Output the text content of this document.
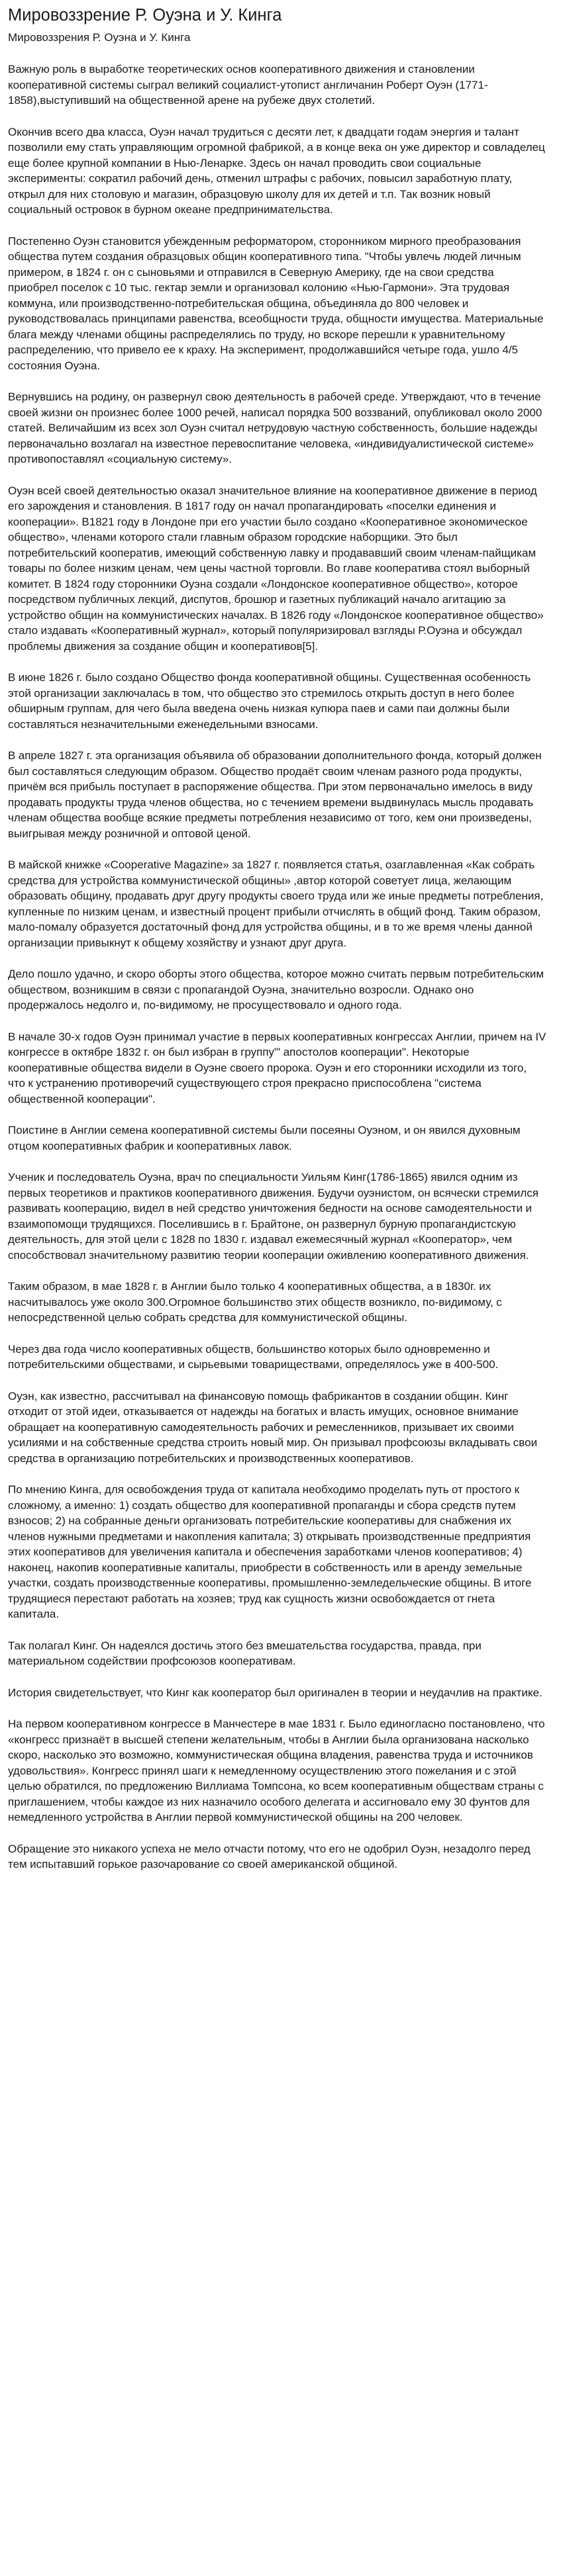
Мировоззрение Р. Оуэна и У. Кинга
Мировоззрения Р. Оуэна и У. Кинга

Важную роль в выработке теоретических основ кооперативного движения и становлении кооперативной системы сыграл великий социалист-утопист англичанин Роберт Оуэн (1771-1858),выступивший на общественной арене на рубеже двух столетий.

Окончив всего два класса, Оуэн начал трудиться с десяти лет, к двадцати годам энергия и талант позволили ему стать управляющим огромной фабрикой, а в конце века он уже директор и совладелец еще более крупной компании в Нью-Ленарке. Здесь он начал проводить свои социальные эксперименты: сократил рабочий день, отменил штрафы с рабочих, повысил заработную плату, открыл для них столовую и магазин, образцовую школу для их детей и т.п. Так возник новый социальный островок в бурном океане предпринимательства.

Постепенно Оуэн становится убежденным реформатором, сторонником мирного преобразования общества путем создания образцовых общин кооперативного типа. "Чтобы увлечь людей личным примером, в 1824 г. он с сыновьями и отправился в Северную Америку, где на свои средства приобрел поселок с 10 тыс. гектар земли и организовал колонию «Нью-Гармони». Эта трудовая коммуна, или производственно-потребительская община, объединяла до 800 человек и руководствовалась принципами равенства, всеобщности труда, общности имущества. Материальные блага между членами общины распределялись по труду, но вскоре перешли к уравнительному распределению, что привело ее к краху. На эксперимент, продолжавшийся четыре года, ушло 4/5 состояния Оуэна.

Вернувшись на родину, он развернул свою деятельность в рабочей среде. Утверждают, что в течение своей жизни он произнес более 1000 речей, написал порядка 500 воззваний, опубликовал около 2000 статей. Величайшим из всех зол Оуэн считал нетрудовую частную собственность, большие надежды первоначально возлагал на известное перевоспитание человека, «индивидуалистической системе» противопоставлял «социальную систему».

Оуэн всей своей деятельностью оказал значительное влияние на кооперативное движение в период его зарождения и становления. В 1817 году он начал пропагандировать «поселки единения и кооперации». В1821 году в Лондоне при его участии было создано «Кооперативное экономическое общество», членами которого стали главным образом городские наборщики. Это был потребительский кооператив, имеющий собственную лавку и продававший своим членам-пайщикам товары по более низким ценам, чем цены частной торговли. Во главе кооператива стоял выборный комитет. В 1824 году сторонники Оуэна создали «Лондонское кооперативное общество», которое посредством публичных лекций, диспутов, брошюр и газетных публикаций начало агитацию за устройство общин на коммунистических началах. В 1826 году «Лондонское кооперативное общество» стало издавать «Кооперативный журнал», который популяризировал взгляды Р.Оуэна и обсуждал проблемы движения за создание общин и кооперативов[5].

В июне 1826 г. было создано Общество фонда кооперативной общины. Существенная особенность этой организации заключалась в том, что общество это стремилось открыть доступ в него более обширным группам, для чего была введена очень низкая купюра паев и сами паи должны были составляться незначительными еженедельными взносами.

В апреле 1827 г. эта организация объявила об образовании дополнительного фонда, который должен был составляться следующим образом. Общество продаёт своим членам разного рода продукты, причём вся прибыль поступает в распоряжение общества. При этом первоначально имелось в виду продавать продукты труда членов общества, но с течением времени выдвинулась мысль продавать членам общества вообще всякие предметы потребления независимо от того, кем они произведены, выигрывая между розничной и оптовой ценой.

В майской книжке «Cooperative Magazine» за 1827 г. появляется статья, озаглавленная «Как собрать средства для устройства коммунистической общины» ,автор которой советует лица, желающим образовать общину, продавать друг другу продукты своего труда или же иные предметы потребления, купленные по низким ценам, и известный процент прибыли отчислять в общий фонд. Таким образом, мало-помалу образуется достаточный фонд для устройства общины, и в то же время члены данной организации привыкнут к общему хозяйству и узнают друг друга.

Дело пошло удачно, и скоро оборты этого общества, которое можно считать первым потребительским обществом, возникшим в связи с пропагандой Оуэна, значительно возросли. Однако оно продержалось недолго и, по-видимому, не просуществовало и одного года.

В начале 30-х годов Оуэн принимал участие в первых кооперативных конгрессах Англии, причем на IV конгрессе в октябре 1832 г. он был избран в группу"' апостолов кооперации". Некоторые кооперативные общества видели в Оуэне своего пророка. Оуэн и его сторонники исходили из того, что к устранению противоречий существующего строя прекрасно приспособлена "система общественной кооперации".

Поистине в Англии семена кооперативной системы были посеяны Оуэном, и он явился духовным отцом кооперативных фабрик и кооперативных лавок.

Ученик и последователь Оуэна, врач по специальности Уильям Кинг(1786-1865) явился одним из первых теоретиков и практиков кооперативного движения. Будучи оуэнистом, он всячески стремился развивать кооперацию, видел в ней средство уничтожения бедности на основе самодеятельности и взаимопомощи трудящихся. Поселившись в г. Брайтоне, он развернул бурную пропагандистскую деятельность, для этой цели с 1828 по 1830 г. издавал ежемесячный журнал «Кооператор», чем способствовал значительному развитию теории кооперации оживлению кооперативного движения.

Таким образом, в мае 1828 г. в Англии было только 4 кооперативных общества, а в 1830г. их насчитывалось уже около 300.Огромное большинство этих обществ возникло, по-видимому, с непосредственной целью собрать средства для коммунистической общины.

Через два года число кооперативных обществ, большинство которых было одновременно и потребительскими обществами, и сырьевыми товариществами, определялось уже в 400-500.

Оуэн, как известно, рассчитывал на финансовую помощь фабрикантов в создании общин. Кинг отходит от этой идеи, отказывается от надежды на богатых и власть имущих, основное внимание обращает на кооперативную самодеятельность рабочих и ремесленников, призывает их своими усилиями и на собственные средства строить новый мир. Он призывал профсоюзы вкладывать свои средства в организацию потребительских и производственных кооперативов.

По мнению Кинга, для освобождения труда от капитала необходимо проделать путь от простого к сложному, а именно: 1) создать общество для кооперативной пропаганды и сбора средств путем взносов; 2) на собранные деньги организовать потребительские кооперативы для снабжения их членов нужными предметами и накопления капитала; 3) открывать производственные предприятия этих кооперативов для увеличения капитала и обеспечения заработками членов кооперативов; 4) наконец, накопив кооперативные капиталы, приобрести в собственность или в аренду земельные участки, создать производственные кооперативы, промышленно-земледельческие общины. В итоге трудящиеся перестают работать на хозяев; труд как сущность жизни освобождается от гнета капитала.

Так полагал Кинг. Он надеялся достичь этого без вмешательства государства, правда, при материальном содействии профсоюзов кооперативам.

История свидетельствует, что Кинг как кооператор был оригинален в теории и неудачлив на практике.

На первом кооперативном конгрессе в Манчестере в мае 1831 г. Было единогласно постановлено, что «конгресс признаёт в высшей степени желательным, чтобы в Англии была организована насколько скоро, насколько это возможно, коммунистическая община владения, равенства труда и источников удовольствия». Конгресс принял шаги к немедленному осуществлению этого пожелания и с этой целью обратился, по предложению Виллиама Томпсона, ко всем кооперативным обществам страны с приглашением, чтобы каждое из них назначило особого делегата и ассигновало ему 30 фунтов для немедленного устройства в Англии первой коммунистической общины на 200 человек.

Обращение это никакого успеха не мело отчасти потому, что его не одобрил Оуэн, незадолго перед тем испытавший горькое разочарование со своей американской общиной.
